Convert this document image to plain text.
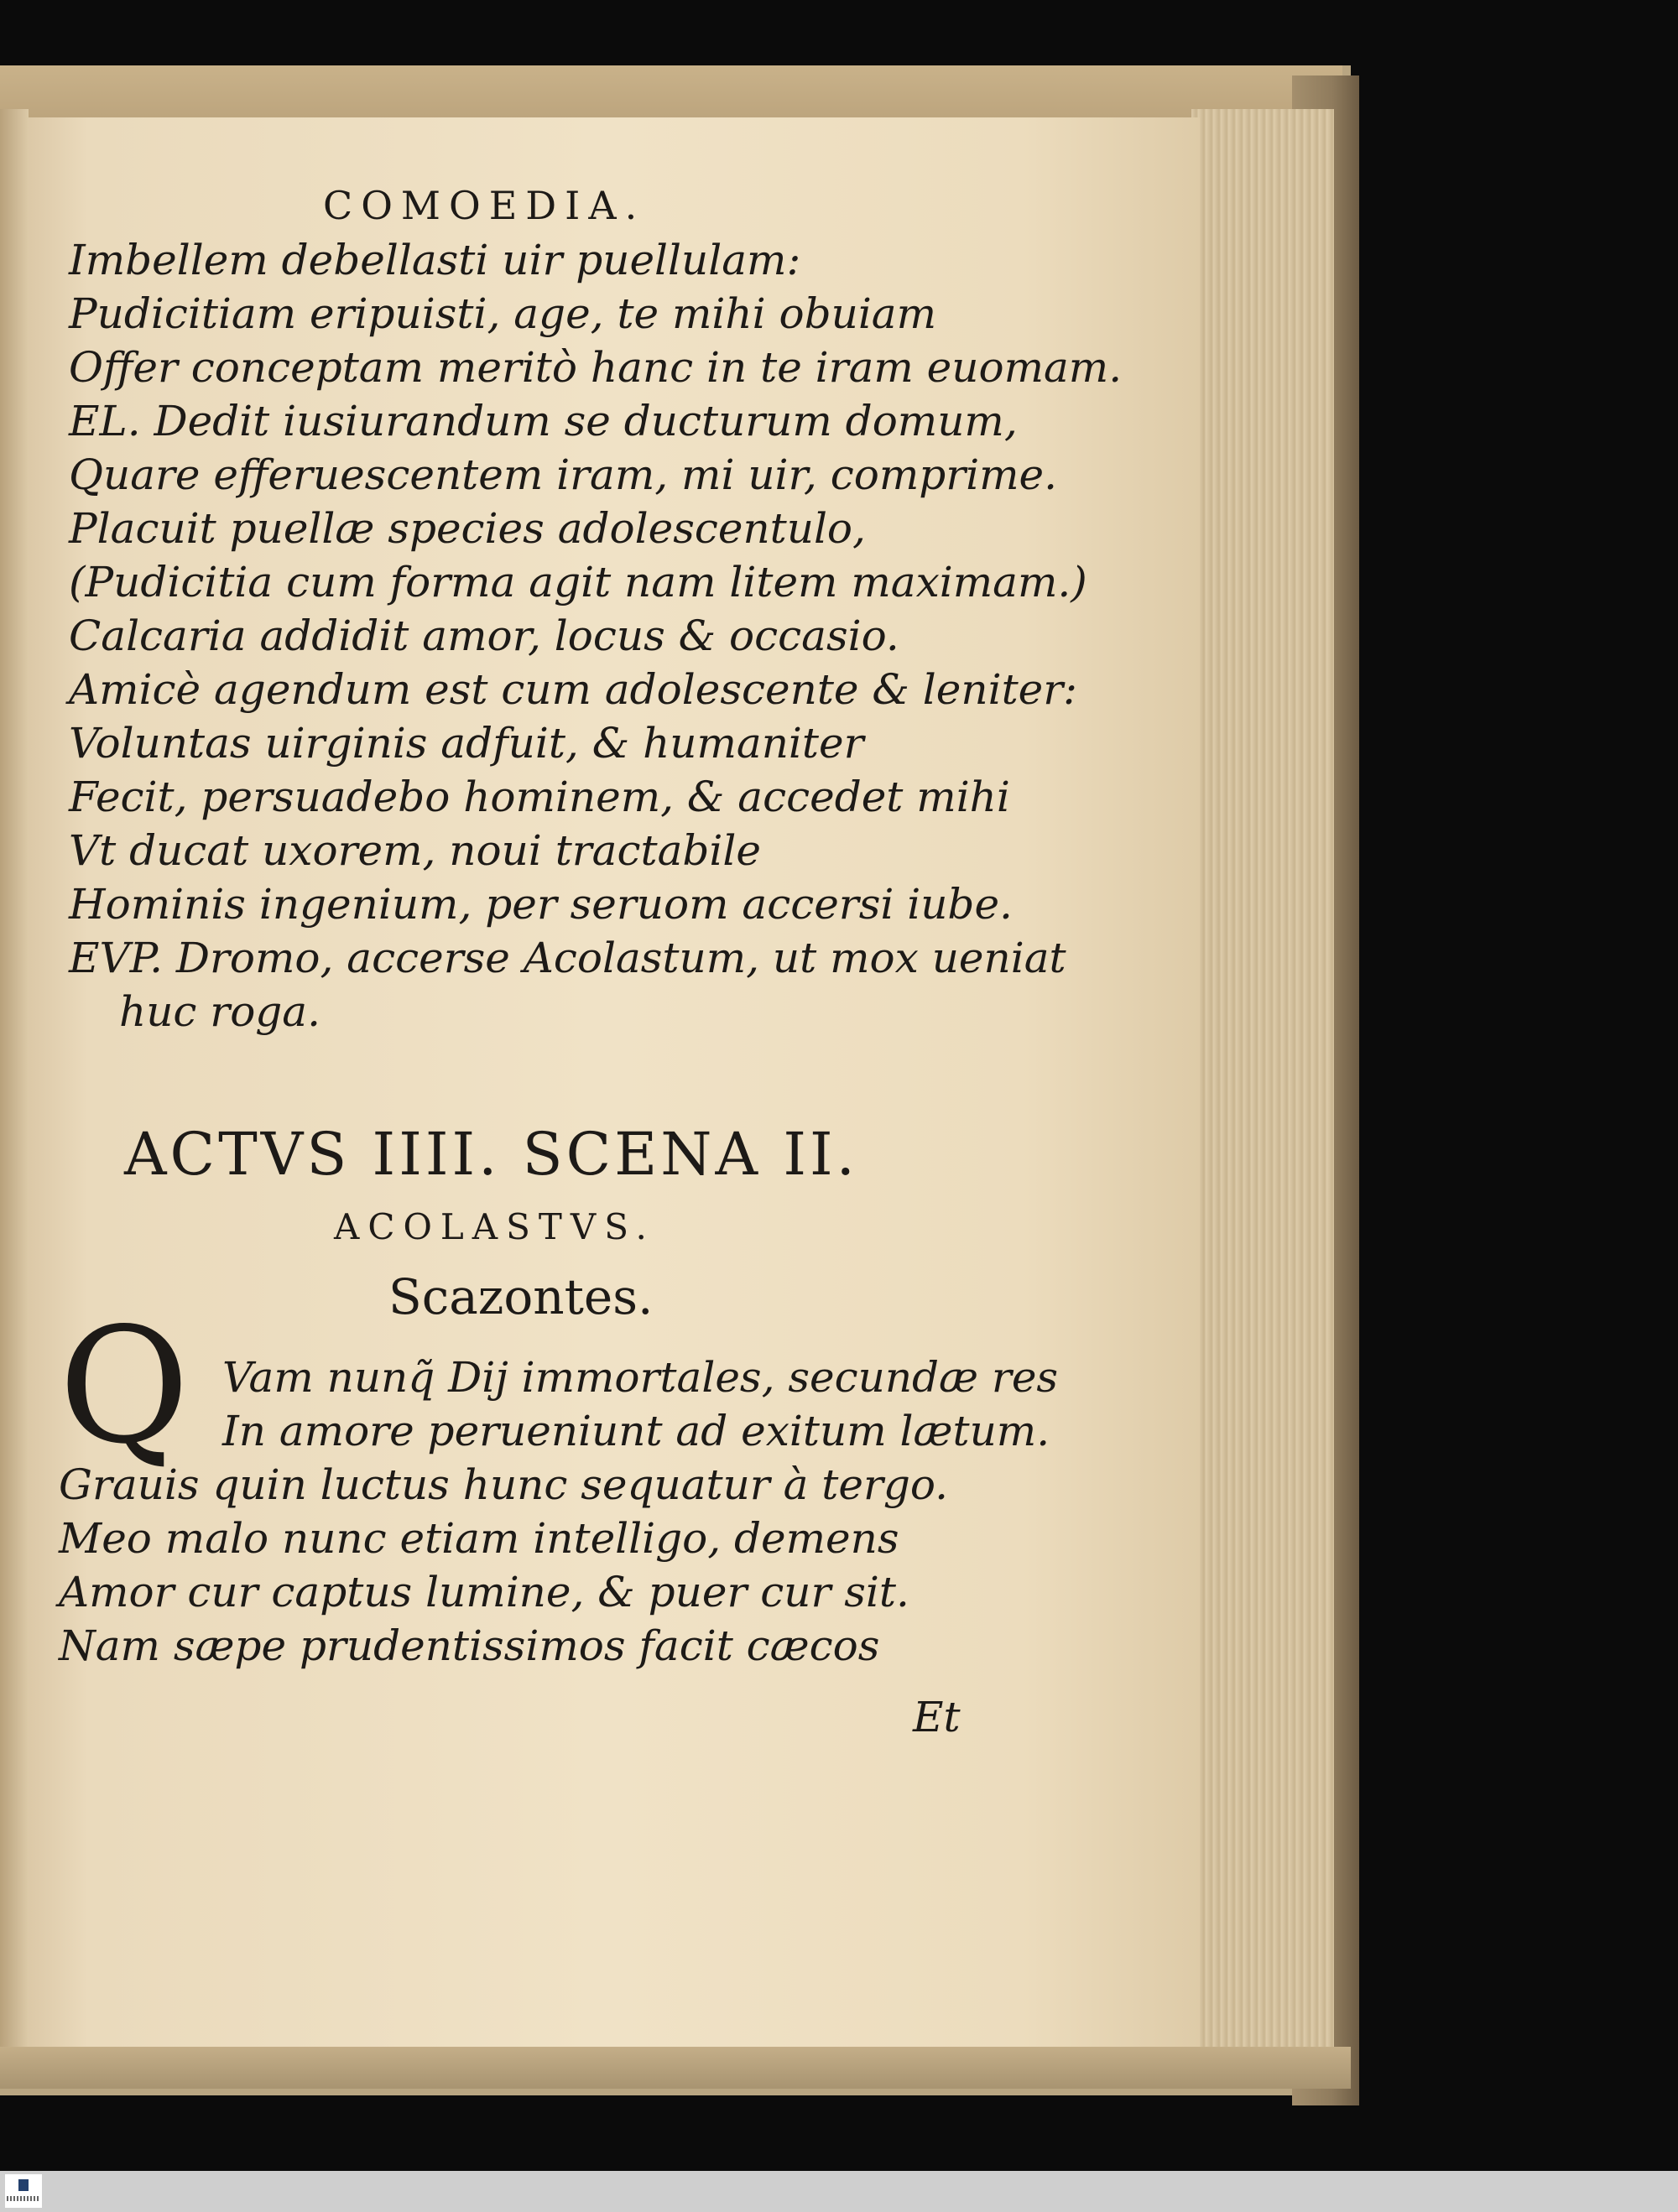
COMOEDIA.
Imbellem debellasti uir puellulam:
Pudicitiam eripuisti, age, te mihi obuiam
Offer conceptam meritò hanc in te iram euomam.
EL. Dedit iusiurandum se ducturum domum,
Quare efferuescentem iram, mi uir, comprime.
Placuit puellæ species adolescentulo,
(Pudicitia cum forma agit nam litem maximam.)
Calcaria addidit amor, locus & occasio.
Amicè agendum est cum adolescente & leniter:
Voluntas uirginis adfuit, & humaniter
Fecit, persuadebo hominem, & accedet mihi
Vt ducat uxorem, noui tractabile
Hominis ingenium, per seruom accersi iube.
EVP. Dromo, accerse Acolastum, ut mox ueniat
huc roga.
ACTVS IIII. SCENA II.
ACOLASTVS.
Scazontes.
Q Vam nunq̃ Dij immortales, secundæ res
In amore perueniunt ad exitum lætum.
Grauis quin luctus hunc sequatur à tergo.
Meo malo nunc etiam intelligo, demens
Amor cur captus lumine, & puer cur sit.
Nam sæpe prudentissimos facit cæcos
Et
